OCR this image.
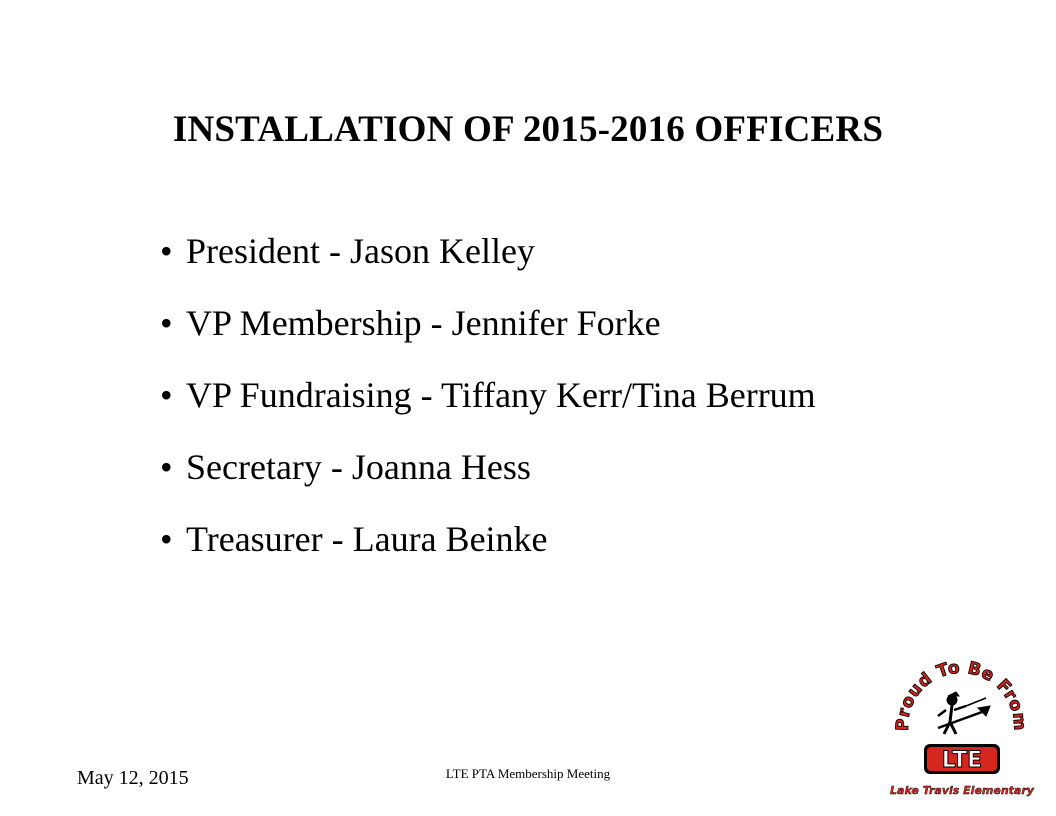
INSTALLATION OF 2015-2016 OFFICERS
• President - Jason Kelley
• VP Membership - Jennifer Forke
• VP Fundraising - Tiffany Kerr/Tina Berrum
• Secretary - Joanna Hess
• Treasurer - Laura Beinke
May 12, 2015	LTE PTA Membership Meeting
Proud To Be From
LTE
Lake Travis Elementary
